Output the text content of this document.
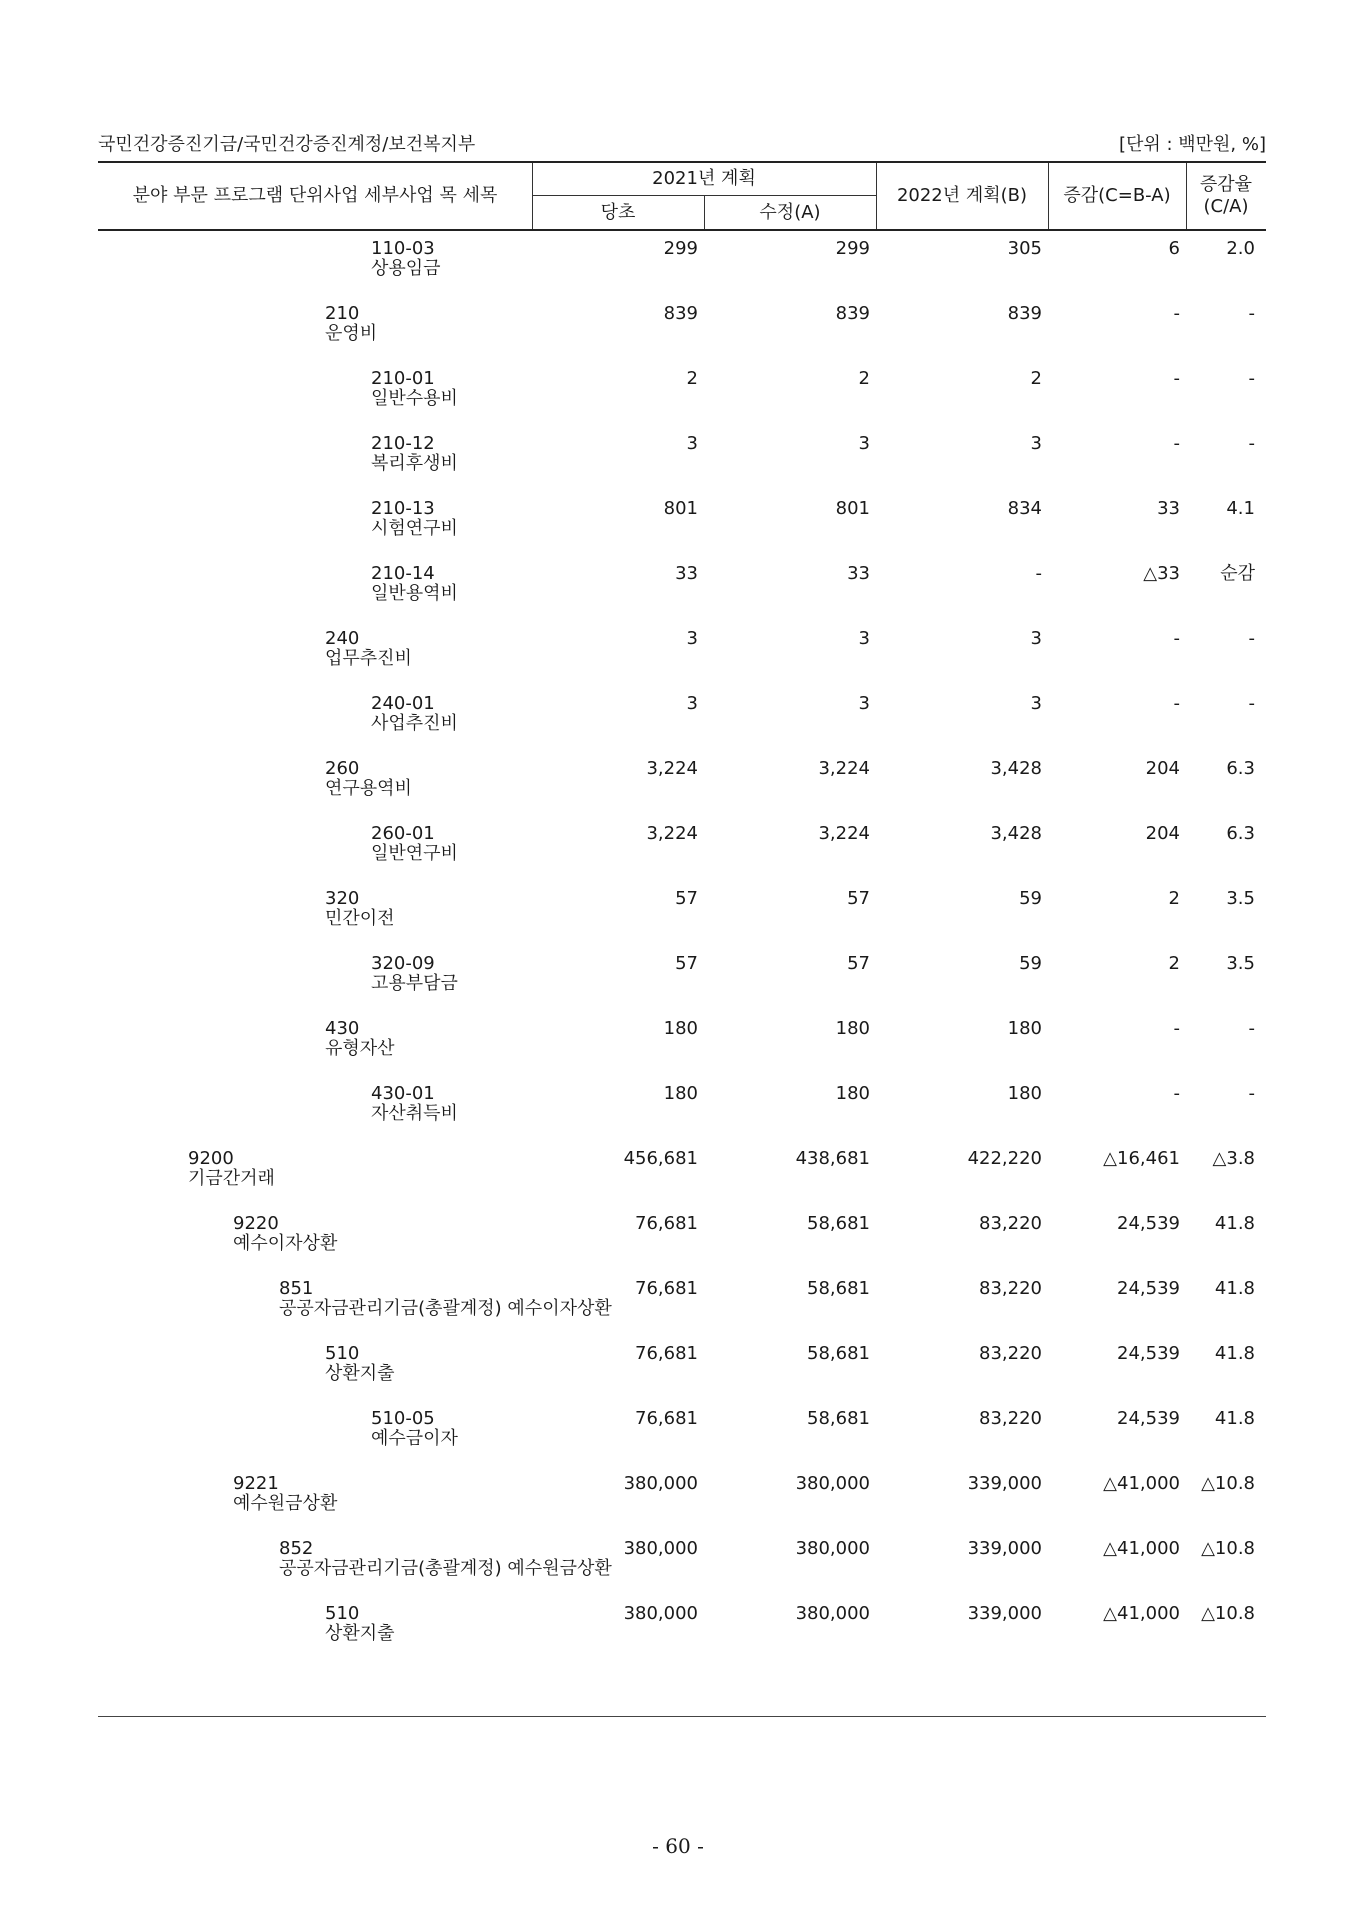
국민건강증진기금/국민건강증진계정/보건복지부	[단위 : 백만원, %]
분야 부문 프로그램 단위사업 세부사업 목 세목
2021년 계획
당초	수정(A)
2022년 계획(B)	증감(C=B-A)
증감율
(C/A)
110-03
상용임금
299	299	305	6	2.0
210
운영비
839	839	839	-	-
210-01
일반수용비
2	2	2	-	-
210-12
복리후생비
3	3	3	-	-
210-13
시험연구비
801	801	834	33	4.1
210-14
일반용역비
33	33	-	△33 순감
240
업무추진비
3	3	3	-	-
240-01
사업추진비
3	3	3	-	-
260
연구용역비
3,224	3,224	3,428	204	6.3
260-01
일반연구비
3,224	3,224	3,428	204	6.3
320
민간이전
57	57	59	2	3.5
320-09
고용부담금
57	57	59	2	3.5
430
유형자산
180	180	180	-	-
430-01
자산취득비
180	180	180	-	-
9200
기금간거래
456,681	438,681	422,220	△16,461 △3.8
9220
예수이자상환
76,681	58,681	83,220	24,539 41.8
851
공공자금관리기금(총괄계정) 예수이자상환
76,681	58,681	83,220	24,539 41.8
510
상환지출
76,681	58,681	83,220	24,539 41.8
510-05
예수금이자
76,681	58,681	83,220	24,539 41.8
9221
예수원금상환
380,000	380,000	339,000	△41,000 △10.8
852
공공자금관리기금(총괄계정) 예수원금상환
380,000	380,000	339,000	△41,000 △10.8
510
상환지출
380,000	380,000	339,000	△41,000 △10.8
- 60 -
